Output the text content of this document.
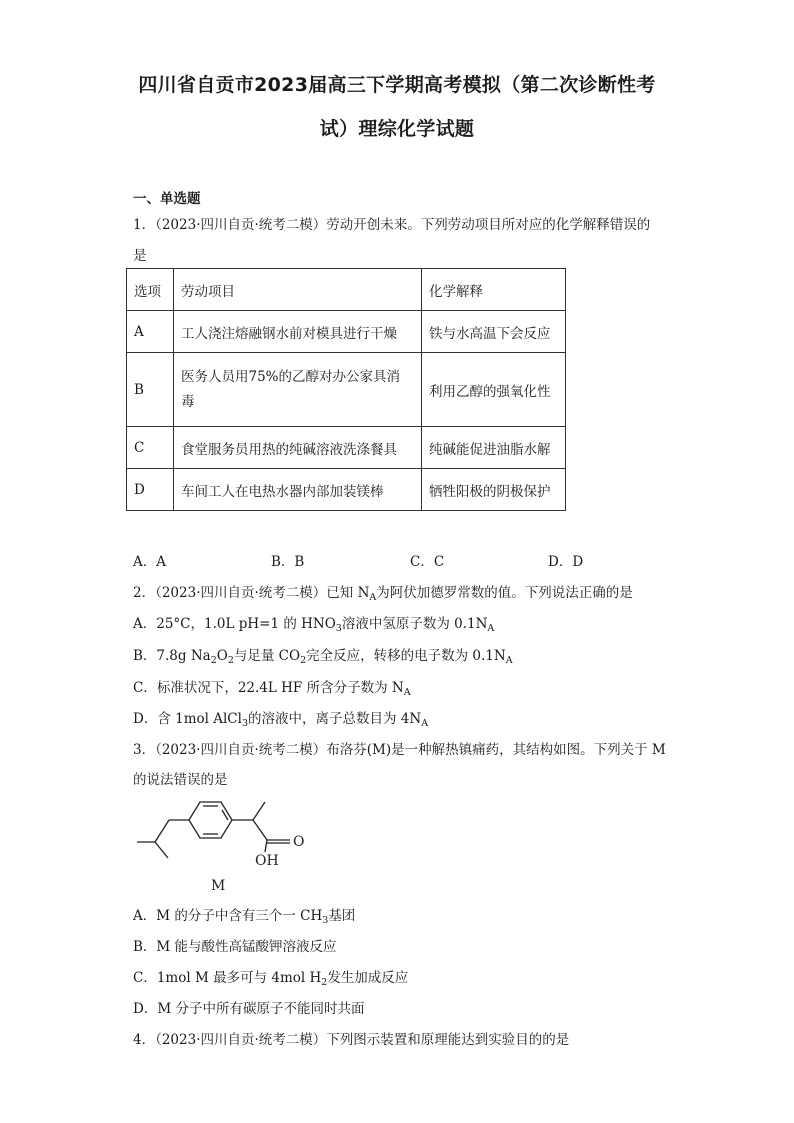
四川省自贡市2023届高三下学期高考模拟（第二次诊断性考
试）理综化学试题
一、单选题
1．（2023·四川自贡·统考二模）劳动开创未来。下列劳动项目所对应的化学解释错误的
是
选项	劳动项目	化学解释
A	工人浇注熔融钢水前对模具进行干燥	铁与水高温下会反应
B	医务人员用75%的乙醇对办公家具消
毒	利用乙醇的强氧化性
C	食堂服务员用热的纯碱溶液洗涤餐具	纯碱能促进油脂水解
D	车间工人在电热水器内部加装镁棒	牺牲阳极的阴极保护
A．A	B．B	C．C	D．D
2．（2023·四川自贡·统考二模）已知 $N_A$为阿伏加德罗常数的值。下列说法正确的是
A．25°C，1.0L pH=1 的 $HNO_3$溶液中氢原子数为 $0.1N_A$
B．7.8g $Na_2O_2$与足量 $CO_2$完全反应，转移的电子数为 $0.1N_A$
C．标准状况下，22.4L HF 所含分子数为 $N_A$
D．含 1mol AlCl$_3$的溶液中，离子总数目为 $4N_A$
3．（2023·四川自贡·统考二模）布洛芬(M)是一种解热镇痛药，其结构如图。下列关于 M
的说法错误的是
O
OH
M
A．M 的分子中含有三个一 $CH_3$基团
B．M 能与酸性高锰酸钾溶液反应
C．1mol M 最多可与 4mol $H_2$发生加成反应
D．M 分子中所有碳原子不能同时共面
4．（2023·四川自贡·统考二模）下列图示装置和原理能达到实验目的的是
